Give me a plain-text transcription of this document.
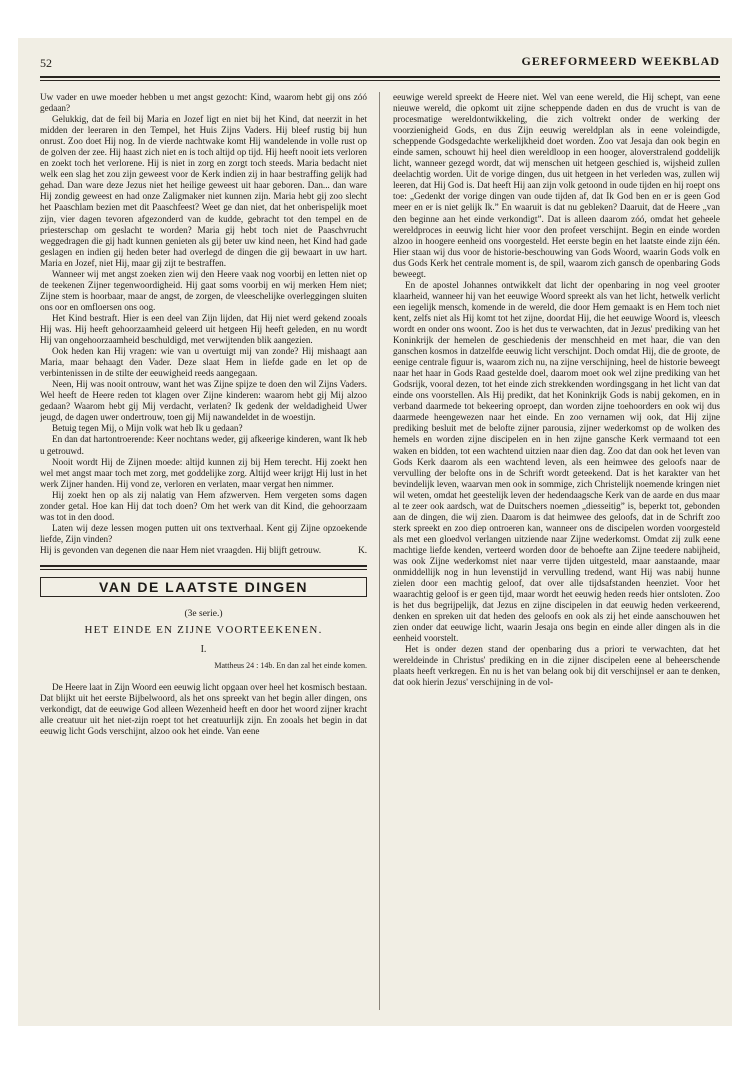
52	GEREFORMEERD WEEKBLAD

Uw vader en uwe moeder hebben u met angst gezocht: Kind, waarom hebt gij ons zóó gedaan?

Gelukkig, dat de feil bij Maria en Jozef ligt en niet bij het Kind, dat neerzit in het midden der leeraren in den Tempel, het Huis Zijns Vaders. Hij bleef rustig bij hun onrust. Zoo doet Hij nog. In de vierde nachtwake komt Hij wandelende in volle rust op de golven der zee. Hij haast zich niet en is toch altijd op tijd. Hij heeft nooit iets verloren en zoekt toch het verlorene. Hij is niet in zorg en zorgt toch steeds. Maria bedacht niet welk een slag het zou zijn geweest voor de Kerk indien zij in haar bestraffing gelijk had gehad. Dan ware deze Jezus niet het heilige geweest uit haar geboren. Dan... dan ware Hij zondig geweest en had onze Zaligmaker niet kunnen zijn. Maria hebt gij zoo slecht het Paaschlam bezien met dit Paaschfeest? Weet ge dan niet, dat het onberispelijk moet zijn, vier dagen tevoren afgezonderd van de kudde, gebracht tot den tempel en de priesterschap om geslacht te worden? Maria gij hebt toch niet de Paaschvrucht weggedragen die gij hadt kunnen genieten als gij beter uw kind neen, het Kind had gade geslagen en indien gij heden beter had overlegd de dingen die gij bewaart in uw hart. Maria en Jozef, niet Hij, maar gij zijt te bestraffen.

Wanneer wij met angst zoeken zien wij den Heere vaak nog voorbij en letten niet op de teekenen Zijner tegenwoordigheid. Hij gaat soms voorbij en wij merken Hem niet; Zijne stem is hoorbaar, maar de angst, de zorgen, de vleeschelijke overleggingen sluiten ons oor en omfloersen ons oog.

Het Kind bestraft. Hier is een deel van Zijn lijden, dat Hij niet werd gekend zooals Hij was. Hij heeft gehoorzaamheid geleerd uit hetgeen Hij heeft geleden, en nu wordt Hij van ongehoorzaamheid beschuldigd, met verwijtenden blik aangezien.

Ook heden kan Hij vragen: wie van u overtuigt mij van zonde? Hij mishaagt aan Maria, maar behaagt den Vader. Deze slaat Hem in liefde gade en let op de verbintenissen in de stilte der eeuwigheid reeds aangegaan.

Neen, Hij was nooit ontrouw, want het was Zijne spijze te doen den wil Zijns Vaders. Wel heeft de Heere reden tot klagen over Zijne kinderen: waarom hebt gij Mij alzoo gedaan? Waarom hebt gij Mij verdacht, verlaten? Ik gedenk der weldadigheid Uwer jeugd, de dagen uwer ondertrouw, toen gij Mij nawandeldet in de woestijn.

Betuig tegen Mij, o Mijn volk wat heb Ik u gedaan?

En dan dat hartontroerende: Keer nochtans weder, gij afkeerige kinderen, want Ik heb u getrouwd.

Nooit wordt Hij de Zijnen moede: altijd kunnen zij bij Hem terecht. Hij zoekt hen wel met angst maar toch met zorg, met goddelijke zorg. Altijd weer krijgt Hij lust in het werk Zijner handen. Hij vond ze, verloren en verlaten, maar vergat hen nimmer.

Hij zoekt hen op als zij nalatig van Hem afzwerven. Hem vergeten soms dagen zonder getal. Hoe kan Hij dat toch doen? Om het werk van dit Kind, die gehoorzaam was tot in den dood.

Laten wij deze lessen mogen putten uit ons textverhaal. Kent gij Zijne opzoekende liefde, Zijn vinden?

Hij is gevonden van degenen die naar Hem niet vraagden. Hij blijft getrouw.	K.

VAN DE LAATSTE DINGEN
(3e serie.)
HET EINDE EN ZIJNE VOORTEEKENEN.
I.
Mattheus 24 : 14b. En dan zal het einde komen.

De Heere laat in Zijn Woord een eeuwig licht opgaan over heel het kosmisch bestaan. Dat blijkt uit het eerste Bijbelwoord, als het ons spreekt van het begin aller dingen, ons verkondigt, dat de eeuwige God alleen Wezenheid heeft en door het woord zijner kracht alle creatuur uit het niet-zijn roept tot het creatuurlijk zijn. En zooals het begin in dat eeuwig licht Gods verschijnt, alzoo ook het einde. Van eene

eeuwige wereld spreekt de Heere niet. Wel van eene wereld, die Hij schept, van eene nieuwe wereld, die opkomt uit zijne scheppende daden en dus de vrucht is van de procesmatige wereldontwikkeling, die zich voltrekt onder de werking der voorzienigheid Gods, en dus Zijn eeuwig wereldplan als in eene voleindigde, scheppende Godsgedachte werkelijkheid doet worden. Zoo vat Jesaja dan ook begin en einde samen, schouwt hij heel dien wereldloop in een hooger, aloverstralend goddelijk licht, wanneer gezegd wordt, dat wij menschen uit hetgeen geschied is, wijsheid zullen deelachtig worden. Uit de vorige dingen, dus uit hetgeen in het verleden was, zullen wij leeren, dat Hij God is. Dat heeft Hij aan zijn volk getoond in oude tijden en hij roept ons toe: „Gedenkt der vorige dingen van oude tijden af, dat Ik God ben en er is geen God meer en er is niet gelijk Ik.” En waaruit is dat nu gebleken? Daaruit, dat de Heere „van den beginne aan het einde verkondigt”. Dat is alleen daarom zóó, omdat het geheele wereldproces in eeuwig licht hier voor den profeet verschijnt. Begin en einde worden alzoo in hoogere eenheid ons voorgesteld. Het eerste begin en het laatste einde zijn één. Hier staan wij dus voor de historie-beschouwing van Gods Woord, waarin Gods volk en dus Gods Kerk het centrale moment is, de spil, waarom zich gansch de openbaring Gods beweegt.

En de apostel Johannes ontwikkelt dat licht der openbaring in nog veel grooter klaarheid, wanneer hij van het eeuwige Woord spreekt als van het licht, hetwelk verlicht een iegelijk mensch, komende in de wereld, die door Hem gemaakt is en Hem toch niet kent, zelfs niet als Hij komt tot het zijne, doordat Hij, die het eeuwige Woord is, vleesch wordt en onder ons woont. Zoo is het dus te verwachten, dat in Jezus' prediking van het Koninkrijk der hemelen de geschiedenis der menschheid en met haar, die van den ganschen kosmos in datzelfde eeuwig licht verschijnt. Doch omdat Hij, die de groote, de eenige centrale figuur is, waarom zich nu, na zijne verschijning, heel de historie beweegt naar het haar in Gods Raad gestelde doel, daarom moet ook wel zijne prediking van het Godsrijk, vooral dezen, tot het einde zich strekkenden wordingsgang in het licht van dat einde ons voorstellen. Als Hij predikt, dat het Koninkrijk Gods is nabij gekomen, en in verband daarmede tot bekeering oproept, dan worden zijne toehoorders en ook wij dus daarmede heengewezen naar het einde. En zoo vernamen wij ook, dat Hij zijne prediking besluit met de belofte zijner parousia, zijner wederkomst op de wolken des hemels en worden zijne discipelen en in hen zijne gansche Kerk vermaand tot een waken en bidden, tot een wachtend uitzien naar dien dag. Zoo dat dan ook het leven van Gods Kerk daarom als een wachtend leven, als een heimwee des geloofs naar de vervulling der belofte ons in de Schrift wordt geteekend. Dat is het karakter van het bevindelijk leven, waarvan men ook in sommige, zich Christelijk noemende kringen niet wil weten, omdat het geestelijk leven der hedendaagsche Kerk van de aarde en dus maar al te zeer ook aardsch, wat de Duitschers noemen „diesseitig” is, beperkt tot, gebonden aan de dingen, die wij zien. Daarom is dat heimwee des geloofs, dat in de Schrift zoo sterk spreekt en zoo diep ontroeren kan, wanneer ons de discipelen worden voorgesteld als met een gloedvol verlangen uitziende naar Zijne wederkomst. Omdat zij zulk eene machtige liefde kenden, verteerd worden door de behoefte aan Zijne teedere nabijheid, was ook Zijne wederkomst niet naar verre tijden uitgesteld, maar aanstaande, maar onmiddellijk nog in hun levenstijd in vervulling tredend, want Hij was nabij hunne zielen door een machtig geloof, dat over alle tijdsafstanden heenziet. Voor het waarachtig geloof is er geen tijd, maar wordt het eeuwig heden reeds hier ontsloten. Zoo is het dus begrijpelijk, dat Jezus en zijne discipelen in dat eeuwig heden verkeerend, denken en spreken uit dat heden des geloofs en ook als zij het einde aanschouwen het zien onder dat eeuwige licht, waarin Jesaja ons begin en einde aller dingen als in die eenheid voorstelt.

Het is onder dezen stand der openbaring dus a priori te verwachten, dat het wereldeinde in Christus' prediking en in die zijner discipelen eene al beheerschende plaats heeft verkregen. En nu is het van belang ook bij dit verschijnsel er aan te denken, dat ook hierin Jezus' verschijning in de vol-
